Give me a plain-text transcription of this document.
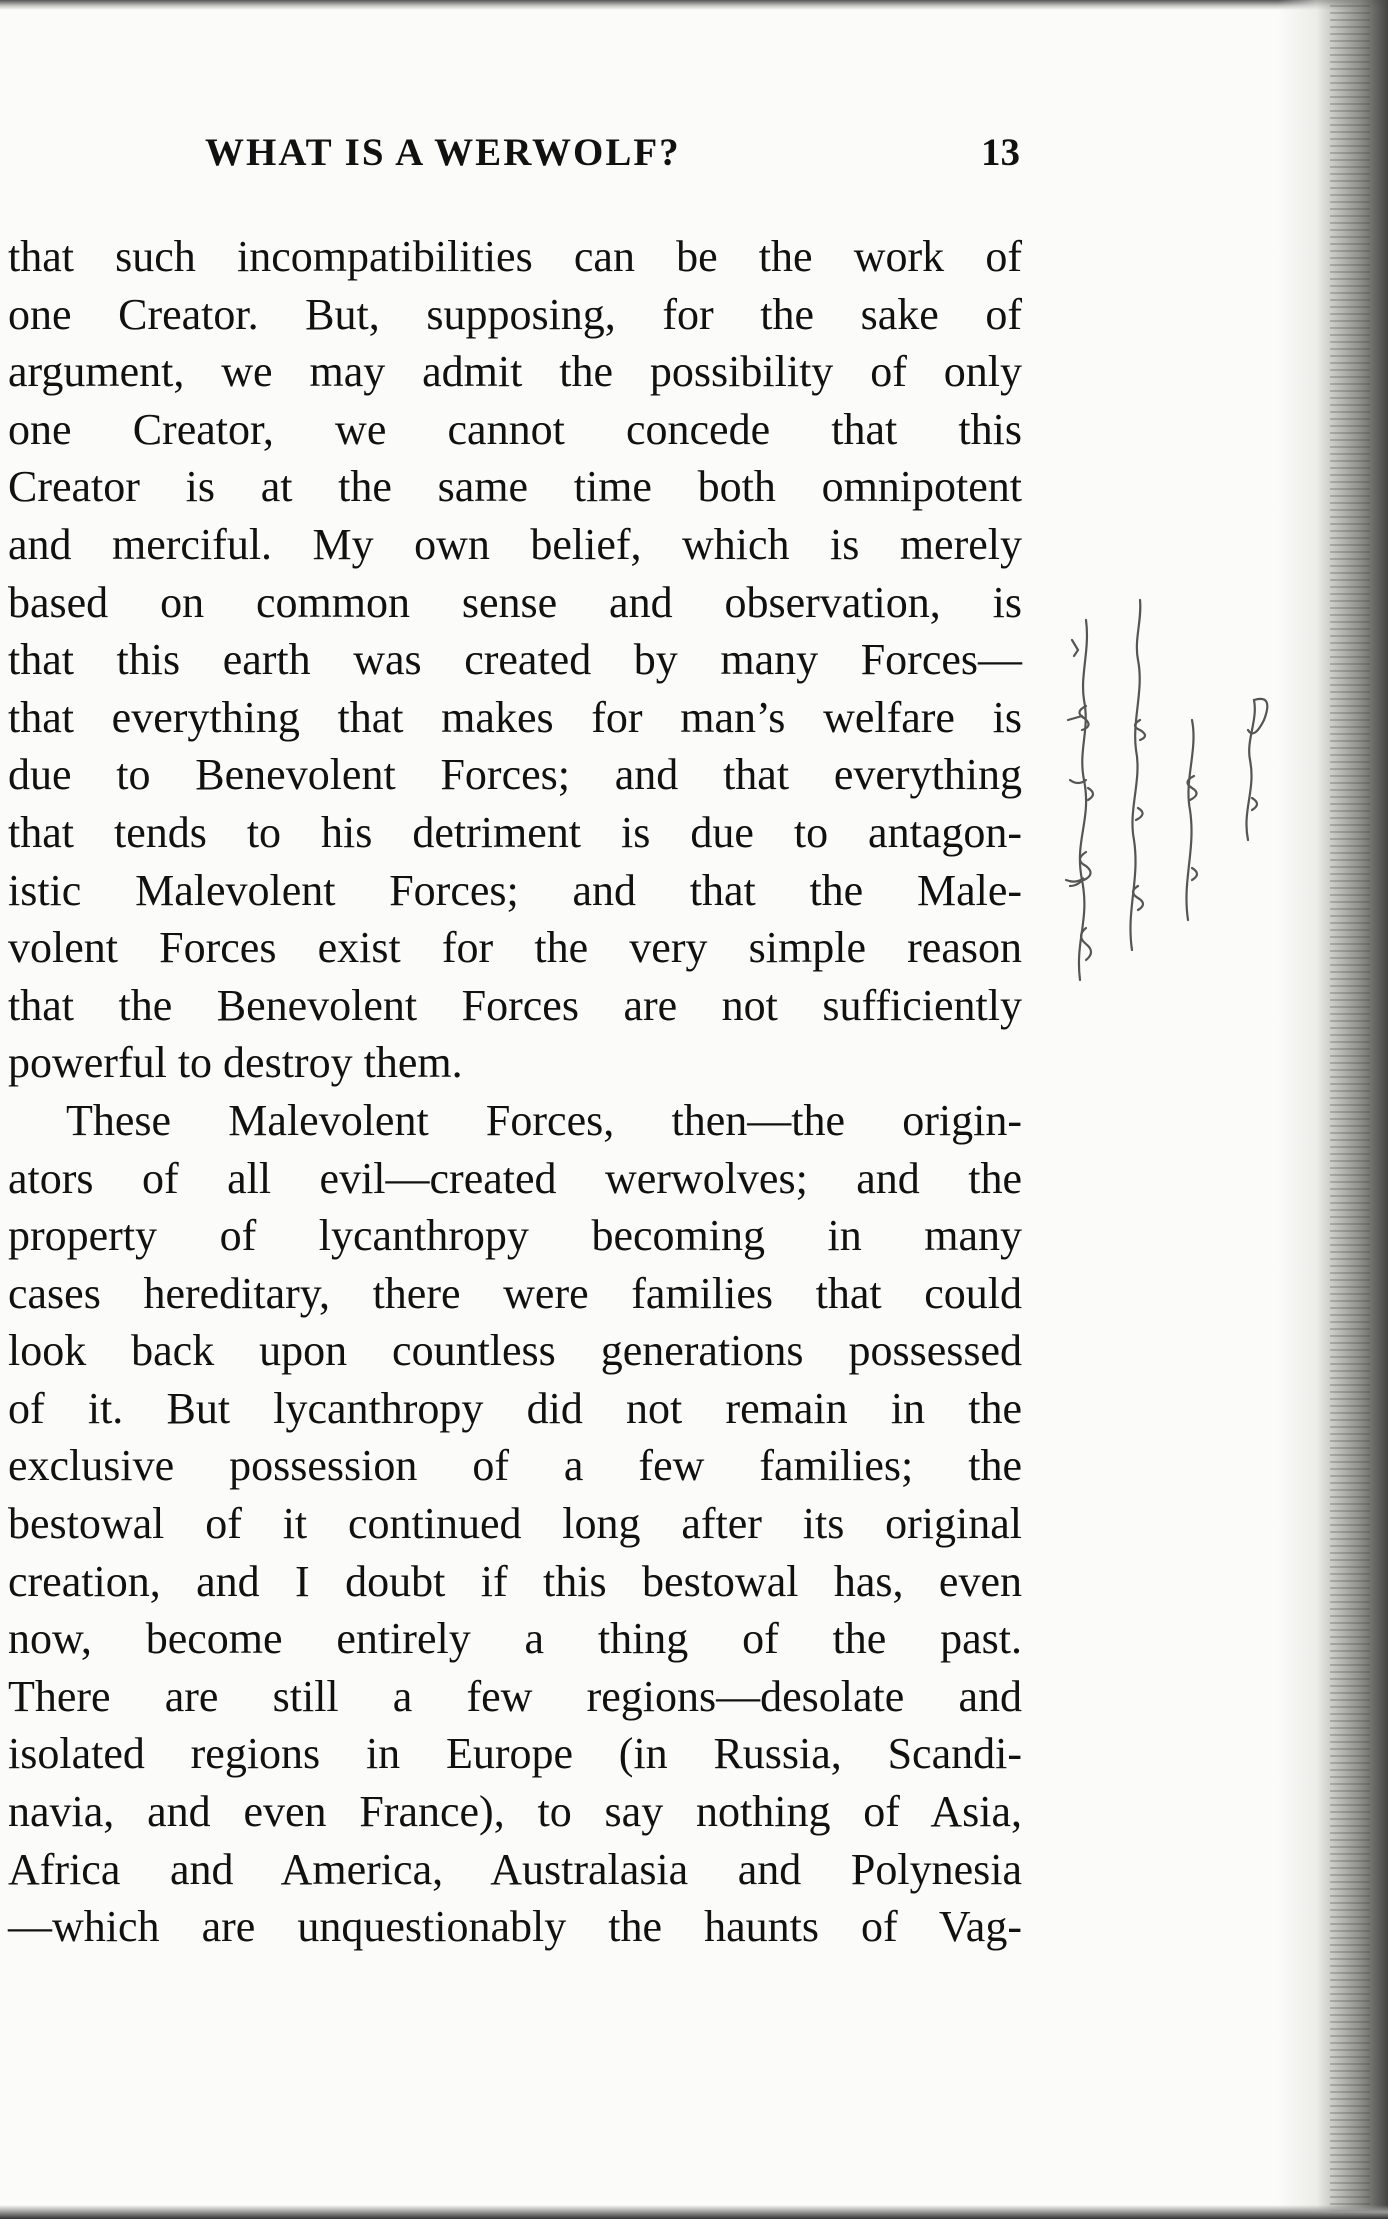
WHAT IS A WERWOLF?	13
that such incompatibilities can be the work of
one Creator. But, supposing, for the sake of
argument, we may admit the possibility of only
one Creator, we cannot concede that this
Creator is at the same time both omnipotent
and merciful. My own belief, which is merely
based on common sense and observation, is
that this earth was created by many Forces—
that everything that makes for man’s welfare is
due to Benevolent Forces; and that everything
that tends to his detriment is due to antagon-
istic Malevolent Forces; and that the Male-
volent Forces exist for the very simple reason
that the Benevolent Forces are not sufficiently
powerful to destroy them.
These Malevolent Forces, then—the origin-
ators of all evil—created werwolves; and the
property of lycanthropy becoming in many
cases hereditary, there were families that could
look back upon countless generations possessed
of it. But lycanthropy did not remain in the
exclusive possession of a few families; the
bestowal of it continued long after its original
creation, and I doubt if this bestowal has, even
now, become entirely a thing of the past.
There are still a few regions—desolate and
isolated regions in Europe (in Russia, Scandi-
navia, and even France), to say nothing of Asia,
Africa and America, Australasia and Polynesia
—which are unquestionably the haunts of Vag-
